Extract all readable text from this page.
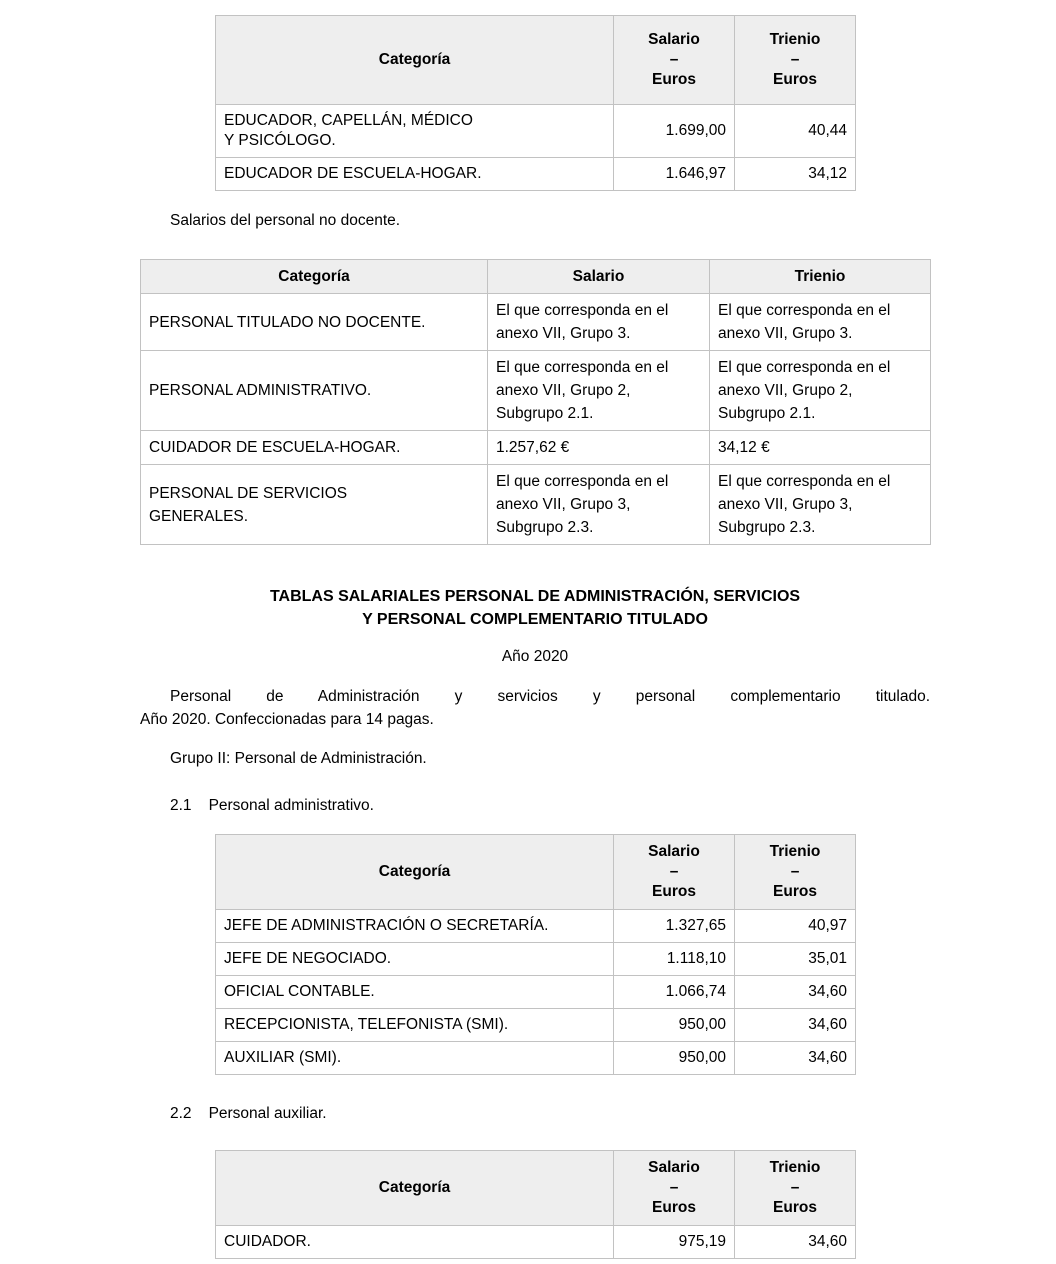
Categoría

Salario
–
Euros

Trienio
–
Euros

EDUCADOR, CAPELLÁN, MÉDICO Y PSICÓLOGO.	1.699,00	40,44
EDUCADOR DE ESCUELA-HOGAR.	1.646,97	34,12

Salarios del personal no docente.

Categoría	Salario	Trienio
PERSONAL TITULADO NO DOCENTE.	El que corresponda en el anexo VII, Grupo 3.	El que corresponda en el anexo VII, Grupo 3.
PERSONAL ADMINISTRATIVO.	El que corresponda en el anexo VII, Grupo 2, Subgrupo 2.1.	El que corresponda en el anexo VII, Grupo 2, Subgrupo 2.1.
CUIDADOR DE ESCUELA-HOGAR.	1.257,62 €	34,12 €
PERSONAL DE SERVICIOS GENERALES.	El que corresponda en el anexo VII, Grupo 3, Subgrupo 2.3.	El que corresponda en el anexo VII, Grupo 3, Subgrupo 2.3.
TABLAS SALARIALES PERSONAL DE ADMINISTRACIÓN, SERVICIOS
Y PERSONAL COMPLEMENTARIO TITULADO
Año 2020
Personal de Administración y servicios y personal complementario titulado.
Año 2020. Confeccionadas para 14 pagas.

Grupo II: Personal de Administración.

2.1 Personal administrativo.
Categoría

Salario
–
Euros

Trienio
–
Euros

JEFE DE ADMINISTRACIÓN O SECRETARÍA.	1.327,65	40,97
JEFE DE NEGOCIADO.	1.118,10	35,01
OFICIAL CONTABLE.	1.066,74	34,60
RECEPCIONISTA, TELEFONISTA (SMI).	950,00	34,60
AUXILIAR (SMI).	950,00	34,60
2.2 Personal auxiliar.
Categoría

Salario
–
Euros

Trienio
–
Euros

CUIDADOR.	975,19	34,60
